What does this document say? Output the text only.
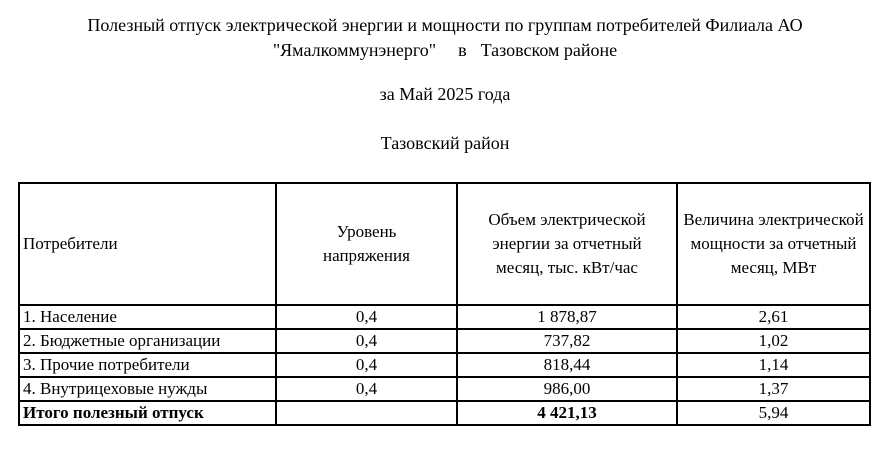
Полезный отпуск электрической энергии и мощности по группам потребителей Филиала АО
"Ямалкоммунэнерго" в Тазовском районе
за Май 2025 года
Тазовский район
Потребители	Уровень напряжения	Объем электрической энергии за отчетный месяц, тыс. кВт/час	Величина электрической мощности за отчетный месяц, МВт
1. Население	0,4	1 878,87	2,61
2. Бюджетные организации	0,4	737,82	1,02
3. Прочие потребители	0,4	818,44	1,14
4. Внутрицеховые нужды	0,4	986,00	1,37
Итого полезный отпуск		4 421,13	5,94
